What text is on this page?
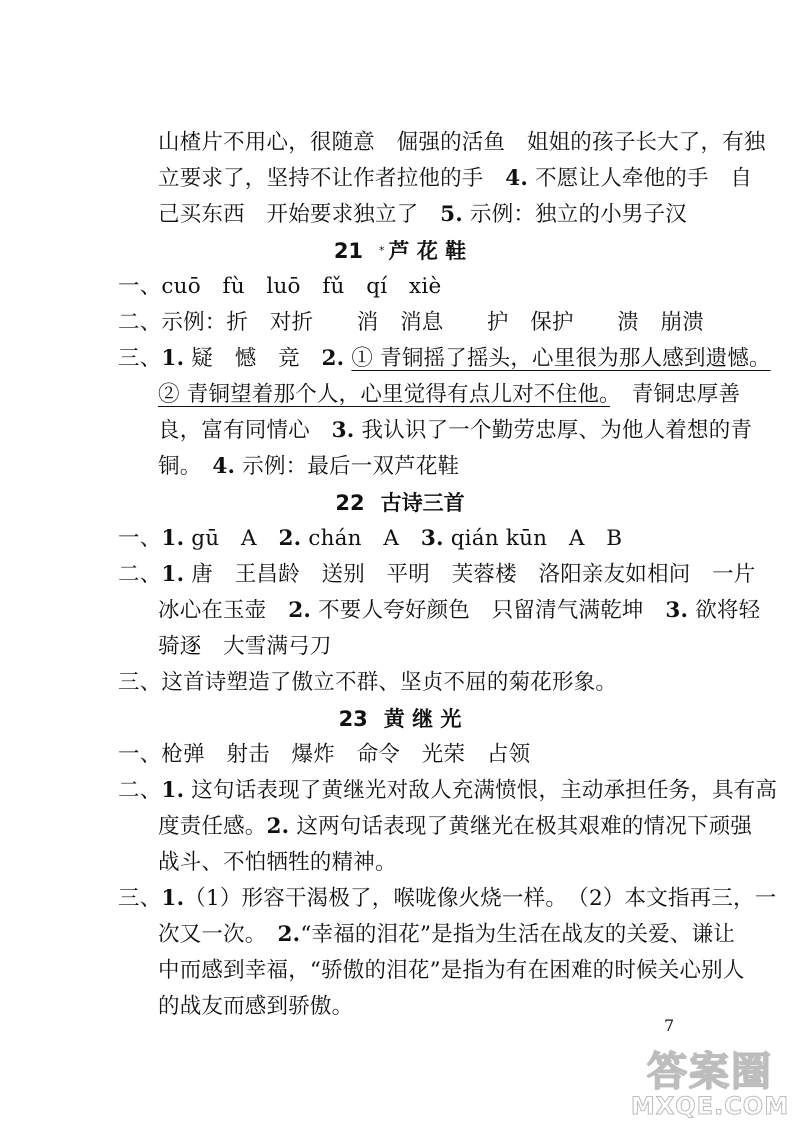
山楂片不用心，很随意　倔强的活鱼　姐姐的孩子长大了，有独
立要求了，坚持不让作者拉他的手　4. 不愿让人牵他的手　自
己买东西　开始要求独立了　5. 示例：独立的小男子汉
21 * 芦 花 鞋
一、cuō　fù　luō　fǔ　qí　xiè
二、示例：折　对折　　消　消息　　护　保护　　溃　崩溃
三、1. 疑　憾　竞　2. ① 青铜摇了摇头，心里很为那人感到遗憾。
② 青铜望着那个人，心里觉得有点儿对不住他。　青铜忠厚善
良，富有同情心　3. 我认识了一个勤劳忠厚、为他人着想的青
铜。　4. 示例：最后一双芦花鞋
22 古诗三首
一、1. gū　A　2. chán　A　3. qián kūn　A　B
二、1. 唐　王昌龄　送别　平明　芙蓉楼　洛阳亲友如相问　一片
冰心在玉壶　2. 不要人夸好颜色　只留清气满乾坤　3. 欲将轻
骑逐　大雪满弓刀
三、这首诗塑造了傲立不群、坚贞不屈的菊花形象。
23 黄 继 光
一、枪弹　射击　爆炸　命令　光荣　占领
二、1. 这句话表现了黄继光对敌人充满愤恨，主动承担任务，具有高
度责任感。2. 这两句话表现了黄继光在极其艰难的情况下顽强
战斗、不怕牺牲的精神。
三、1.（1）形容干渴极了，喉咙像火烧一样。　（2）本文指再三，一
次又一次。　2.“幸福的泪花”是指为生活在战友的关爱、谦让
中而感到幸福，“骄傲的泪花”是指为有在困难的时候关心别人
的战友而感到骄傲。
7
答案圈
MXQE.COM
